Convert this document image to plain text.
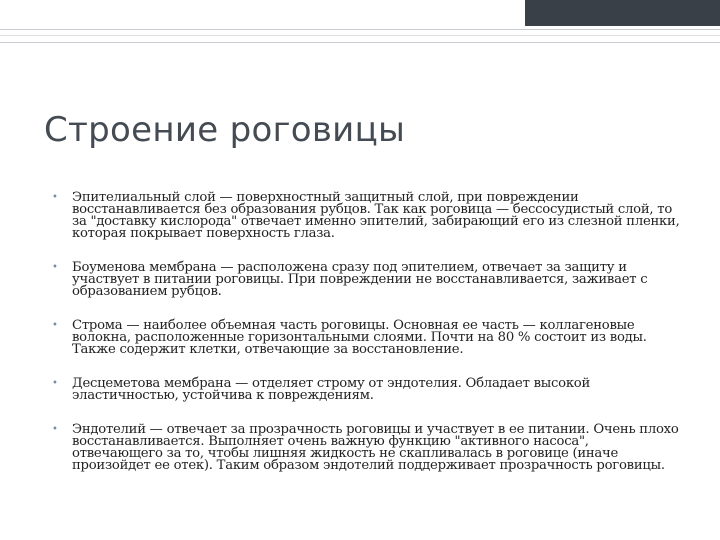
Строение роговицы
• Эпителиальный слой — поверхностный защитный слой, при повреждении восстанавливается без образования рубцов. Так как роговица — бессосудистый слой, то за "доставку кислорода" отвечает именно эпителий, забирающий его из слезной пленки, которая покрывает поверхность глаза.
• Боуменова мембрана — расположена сразу под эпителием, отвечает за защиту и участвует в питании роговицы. При повреждении не восстанавливается, заживает с образованием рубцов.
• Строма — наиболее объемная часть роговицы. Основная ее часть — коллагеновые волокна, расположенные горизонтальными слоями. Почти на 80 % состоит из воды. Также содержит клетки, отвечающие за восстановление.
• Десцеметова мембрана — отделяет строму от эндотелия. Обладает высокой эластичностью, устойчива к повреждениям.
• Эндотелий — отвечает за прозрачность роговицы и участвует в ее питании. Очень плохо восстанавливается. Выполняет очень важную функцию "активного насоса", отвечающего за то, чтобы лишняя жидкость не скапливалась в роговице (иначе произойдет ее отек). Таким образом эндотелий поддерживает прозрачность роговицы.
